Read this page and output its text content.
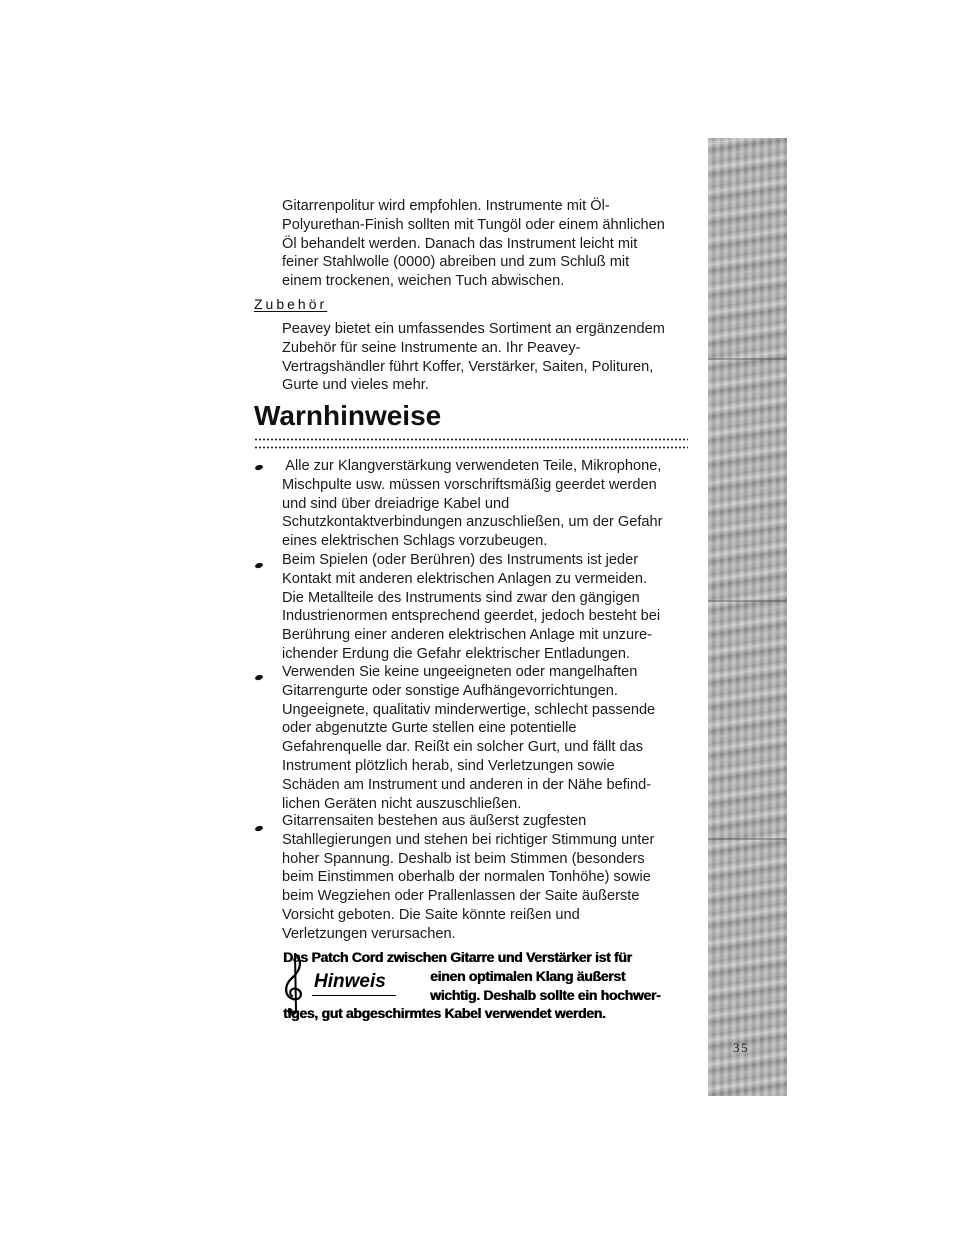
Gitarrenpolitur wird empfohlen. Instrumente mit Öl-
Polyurethan-Finish sollten mit Tungöl oder einem ähnlichen
Öl behandelt werden. Danach das Instrument leicht mit
feiner Stahlwolle (0000) abreiben und zum Schluß mit
einem trockenen, weichen Tuch abwischen.
Zubehör
Peavey bietet ein umfassendes Sortiment an ergänzendem
Zubehör für seine Instrumente an. Ihr Peavey-
Vertragshändler führt Koffer, Verstärker, Saiten, Polituren,
Gurte und vieles mehr.
Warnhinweise
Alle zur Klangverstärkung verwendeten Teile, Mikrophone,
Mischpulte usw. müssen vorschriftsmäßig geerdet werden
und sind über dreiadrige Kabel und
Schutzkontaktverbindungen anzuschließen, um der Gefahr
eines elektrischen Schlags vorzubeugen.
Beim Spielen (oder Berühren) des Instruments ist jeder
Kontakt mit anderen elektrischen Anlagen zu vermeiden.
Die Metallteile des Instruments sind zwar den gängigen
Industrienormen entsprechend geerdet, jedoch besteht bei
Berührung einer anderen elektrischen Anlage mit unzure-
ichender Erdung die Gefahr elektrischer Entladungen.
Verwenden Sie keine ungeeigneten oder mangelhaften
Gitarrengurte oder sonstige Aufhängevorrichtungen.
Ungeeignete, qualitativ minderwertige, schlecht passende
oder abgenutzte Gurte stellen eine potentielle
Gefahrenquelle dar. Reißt ein solcher Gurt, und fällt das
Instrument plötzlich herab, sind Verletzungen sowie
Schäden am Instrument und anderen in der Nähe befind-
lichen Geräten nicht auszuschließen.
Gitarrensaiten bestehen aus äußerst zugfesten
Stahllegierungen und stehen bei richtiger Stimmung unter
hoher Spannung. Deshalb ist beim Stimmen (besonders
beim Einstimmen oberhalb der normalen Tonhöhe) sowie
beim Wegziehen oder Prallenlassen der Saite äußerste
Vorsicht geboten. Die Saite könnte reißen und
Verletzungen verursachen.
Das Patch Cord zwischen Gitarre und Verstärker ist für
Hinweis	einen optimalen Klang äußerst
wichtig. Deshalb sollte ein hochwer-
tiges, gut abgeschirmtes Kabel verwendet werden.
35
